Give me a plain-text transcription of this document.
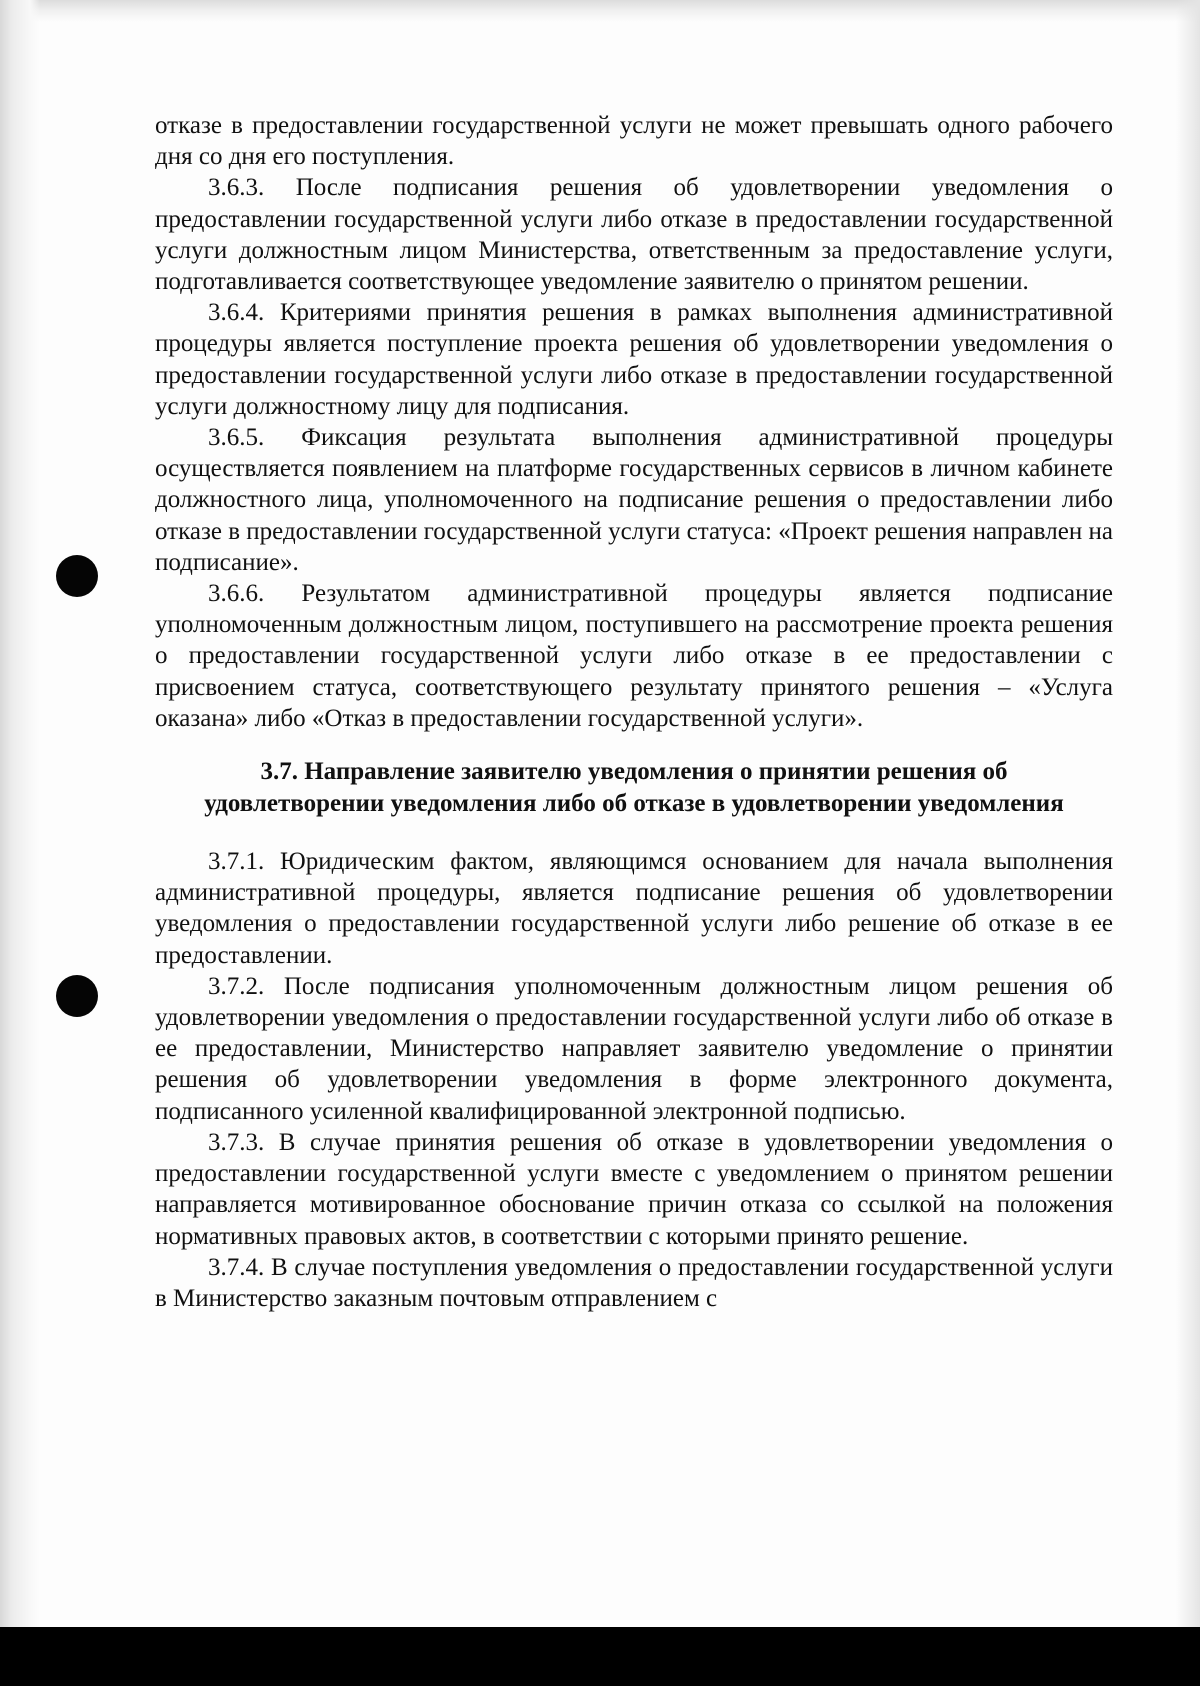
отказе в предоставлении государственной услуги не может превышать одного рабочего дня со дня его поступления.

3.6.3. После подписания решения об удовлетворении уведомления о предоставлении государственной услуги либо отказе в предоставлении государственной услуги должностным лицом Министерства, ответственным за предоставление услуги, подготавливается соответствующее уведомление заявителю о принятом решении.

3.6.4. Критериями принятия решения в рамках выполнения административной процедуры является поступление проекта решения об удовлетворении уведомления о предоставлении государственной услуги либо отказе в предоставлении государственной услуги должностному лицу для подписания.

3.6.5. Фиксация результата выполнения административной процедуры осуществляется появлением на платформе государственных сервисов в личном кабинете должностного лица, уполномоченного на подписание решения о предоставлении либо отказе в предоставлении государственной услуги статуса: «Проект решения направлен на подписание».

3.6.6. Результатом административной процедуры является подписание уполномоченным должностным лицом, поступившего на рассмотрение проекта решения о предоставлении государственной услуги либо отказе в ее предоставлении с присвоением статуса, соответствующего результату принятого решения – «Услуга оказана» либо «Отказ в предоставлении государственной услуги».

3.7. Направление заявителю уведомления о принятии решения об удовлетворении уведомления либо об отказе в удовлетворении уведомления

3.7.1. Юридическим фактом, являющимся основанием для начала выполнения административной процедуры, является подписание решения об удовлетворении уведомления о предоставлении государственной услуги либо решение об отказе в ее предоставлении.

3.7.2. После подписания уполномоченным должностным лицом решения об удовлетворении уведомления о предоставлении государственной услуги либо об отказе в ее предоставлении, Министерство направляет заявителю уведомление о принятии решения об удовлетворении уведомления в форме электронного документа, подписанного усиленной квалифицированной электронной подписью.

3.7.3. В случае принятия решения об отказе в удовлетворении уведомления о предоставлении государственной услуги вместе с уведомлением о принятом решении направляется мотивированное обоснование причин отказа со ссылкой на положения нормативных правовых актов, в соответствии с которыми принято решение.

3.7.4. В случае поступления уведомления о предоставлении государственной услуги в Министерство заказным почтовым отправлением с
